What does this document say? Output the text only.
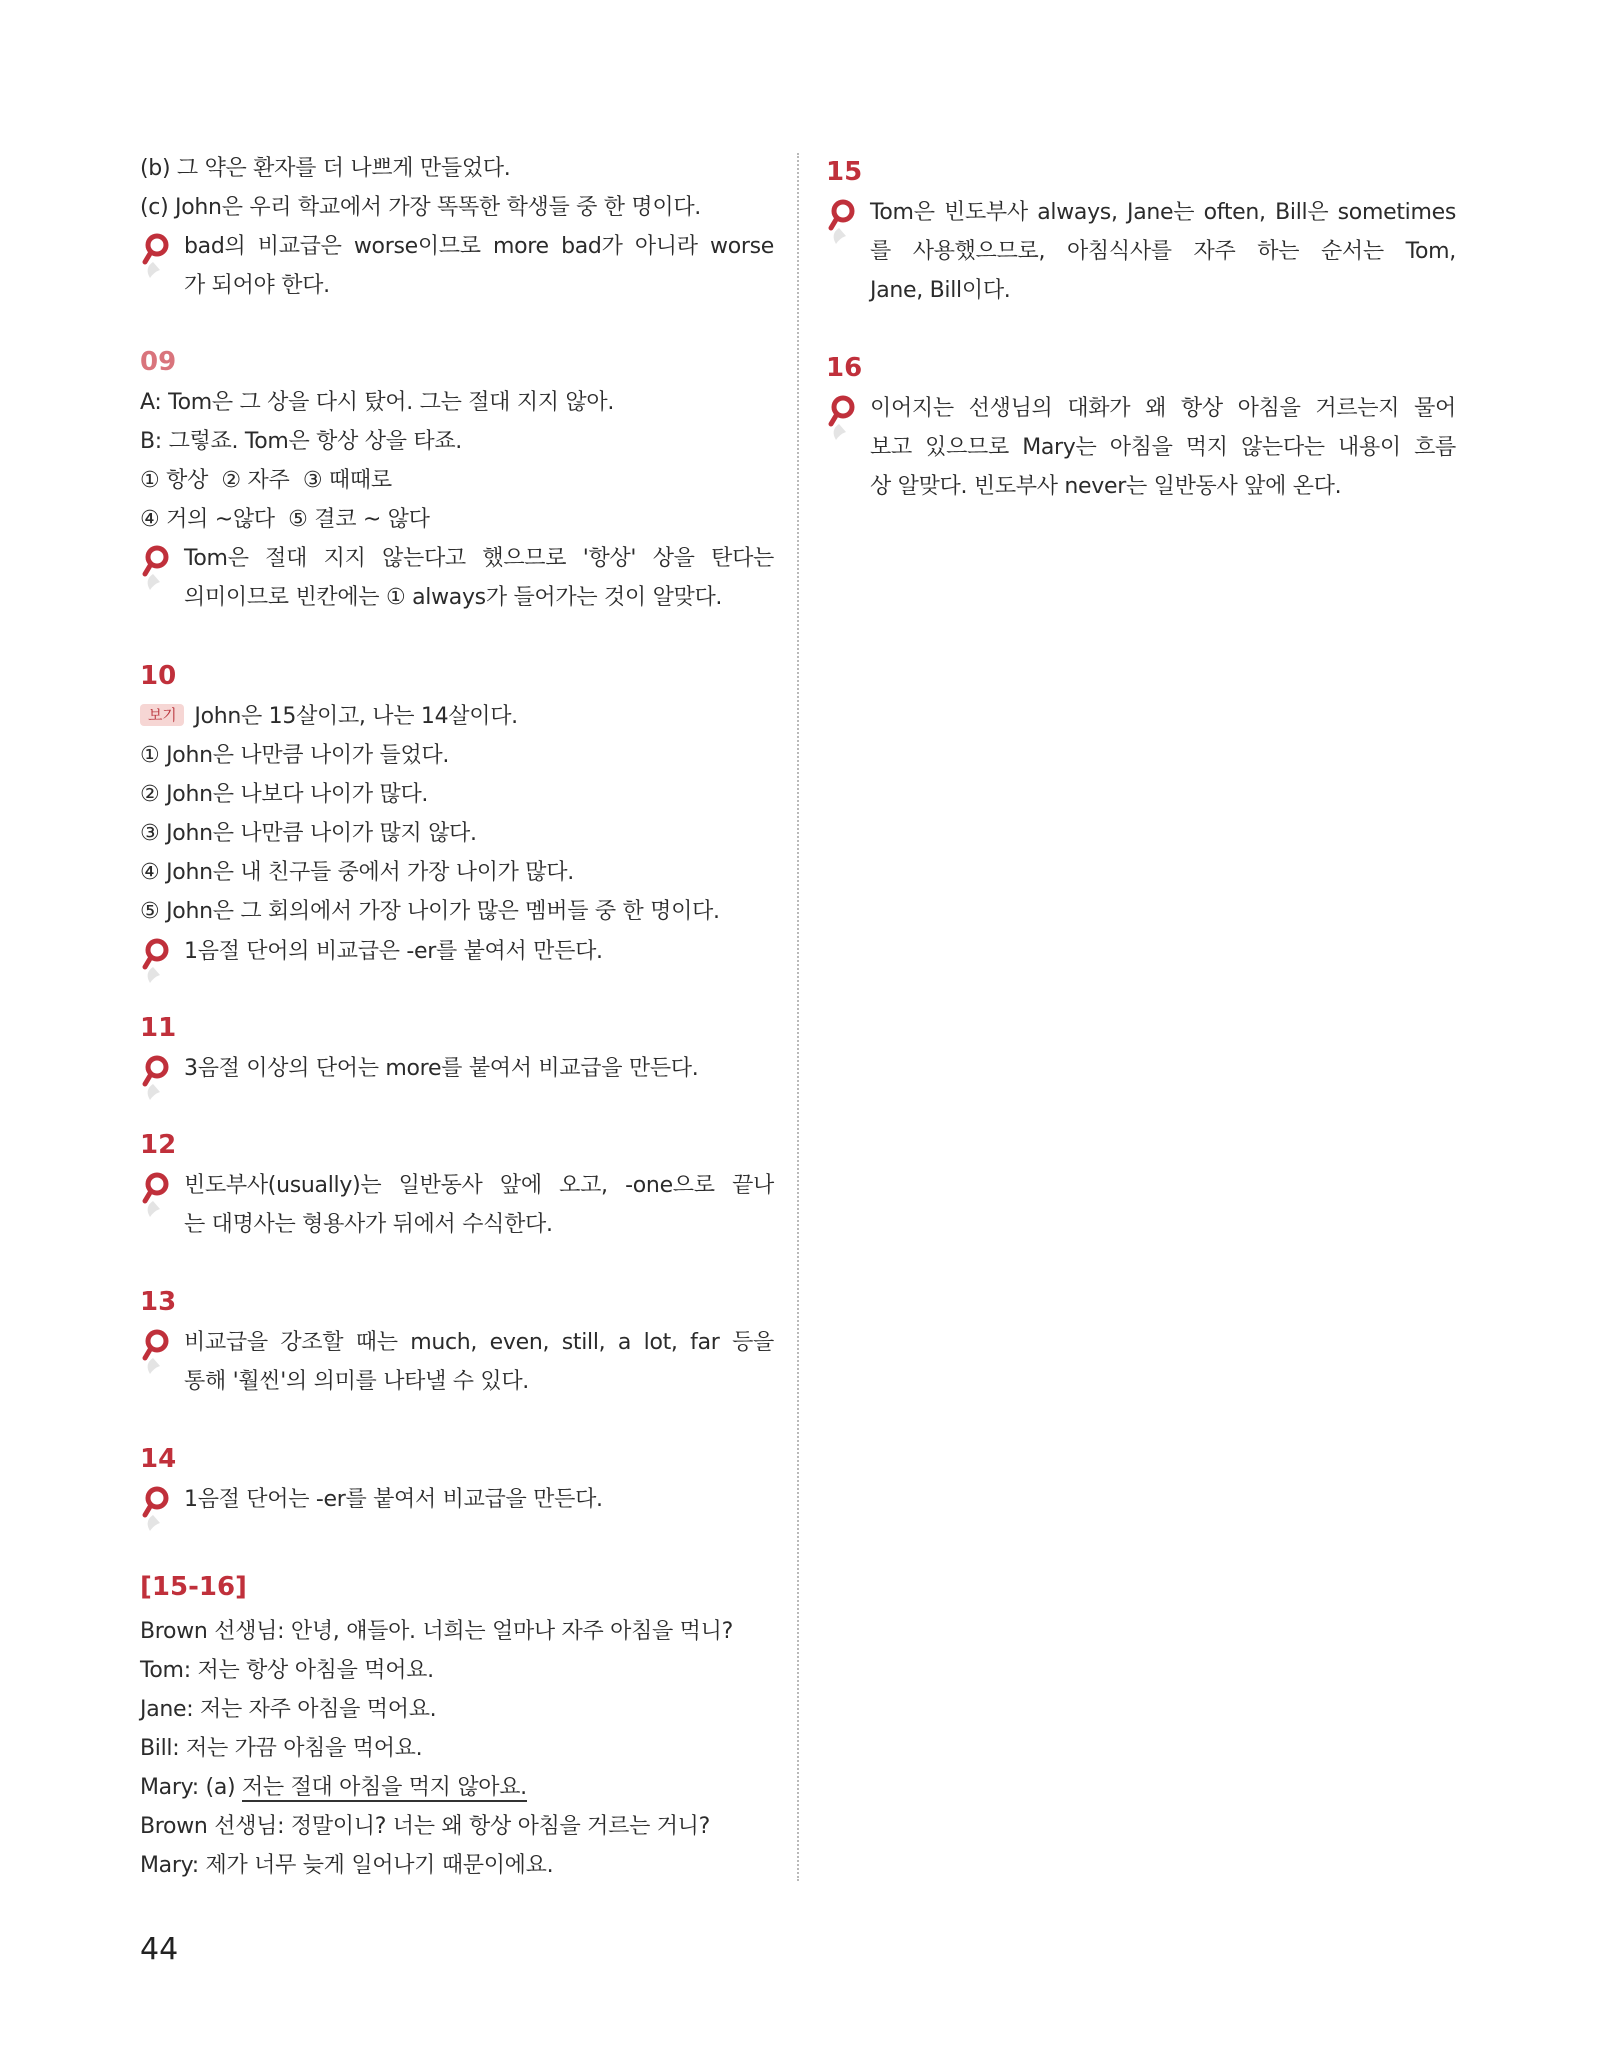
(b) 그 약은 환자를 더 나쁘게 만들었다.
(c) John은 우리 학교에서 가장 똑똑한 학생들 중 한 명이다.
bad의 비교급은 worse이므로 more bad가 아니라 worse
가 되어야 한다.
09
A: Tom은 그 상을 다시 탔어. 그는 절대 지지 않아.
B: 그렇죠. Tom은 항상 상을 타죠.
① 항상  ② 자주  ③ 때때로
④ 거의 ~않다  ⑤ 결코 ~ 않다
Tom은 절대 지지 않는다고 했으므로 '항상' 상을 탄다는
의미이므로 빈칸에는 ① always가 들어가는 것이 알맞다.
10
보기 John은 15살이고, 나는 14살이다.
① John은 나만큼 나이가 들었다.
② John은 나보다 나이가 많다.
③ John은 나만큼 나이가 많지 않다.
④ John은 내 친구들 중에서 가장 나이가 많다.
⑤ John은 그 회의에서 가장 나이가 많은 멤버들 중 한 명이다.
1음절 단어의 비교급은 -er를 붙여서 만든다.
11
3음절 이상의 단어는 more를 붙여서 비교급을 만든다.
12
빈도부사(usually)는 일반동사 앞에 오고, -one으로 끝나
는 대명사는 형용사가 뒤에서 수식한다.
13
비교급을 강조할 때는 much, even, still, a lot, far 등을
통해 '훨씬'의 의미를 나타낼 수 있다.
14
1음절 단어는 -er를 붙여서 비교급을 만든다.
[15-16]
Brown 선생님: 안녕, 얘들아. 너희는 얼마나 자주 아침을 먹니?
Tom: 저는 항상 아침을 먹어요.
Jane: 저는 자주 아침을 먹어요.
Bill: 저는 가끔 아침을 먹어요.
Mary: (a) 저는 절대 아침을 먹지 않아요.
Brown 선생님: 정말이니? 너는 왜 항상 아침을 거르는 거니?
Mary: 제가 너무 늦게 일어나기 때문이에요.
15
Tom은 빈도부사 always, Jane는 often, Bill은 sometimes
를 사용했으므로, 아침식사를 자주 하는 순서는 Tom,
Jane, Bill이다.
16
이어지는 선생님의 대화가 왜 항상 아침을 거르는지 물어
보고 있으므로 Mary는 아침을 먹지 않는다는 내용이 흐름
상 알맞다. 빈도부사 never는 일반동사 앞에 온다.
44
